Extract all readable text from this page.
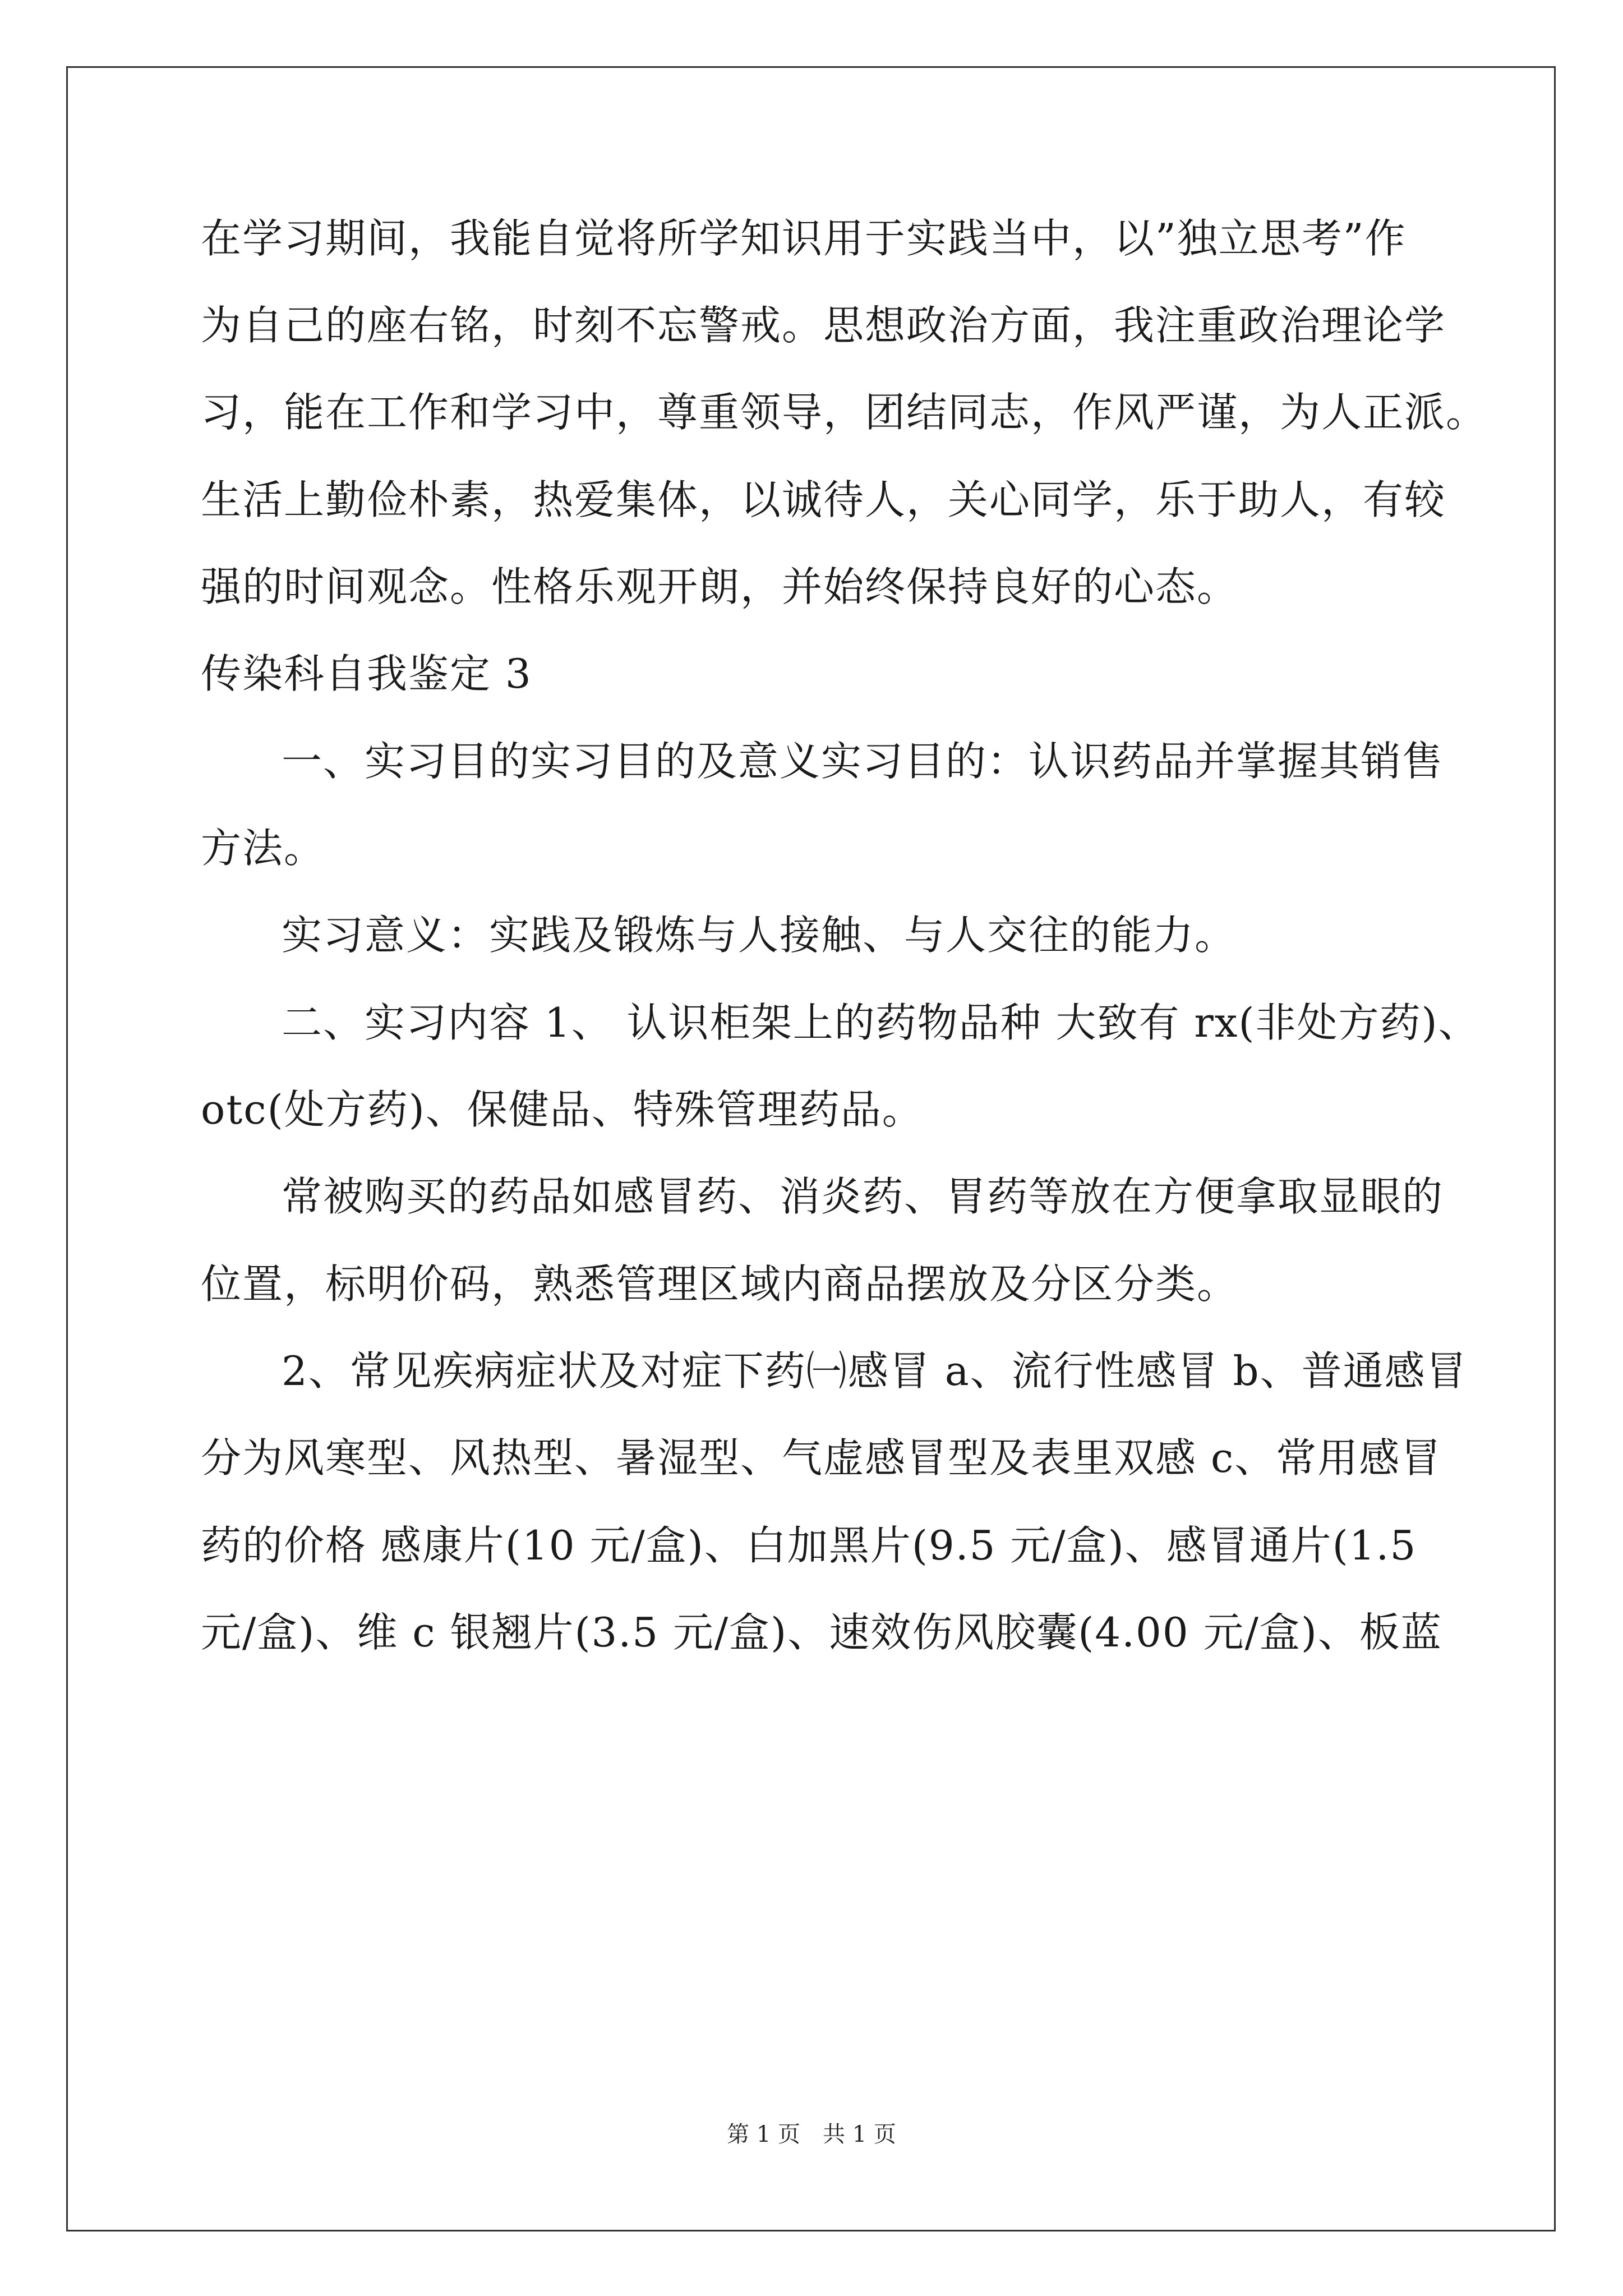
在学习期间，我能自觉将所学知识用于实践当中，以”独立思考”作
为自己的座右铭，时刻不忘警戒。思想政治方面，我注重政治理论学
习，能在工作和学习中，尊重领导，团结同志，作风严谨，为人正派。
生活上勤俭朴素，热爱集体，以诚待人，关心同学，乐于助人，有较
强的时间观念。性格乐观开朗，并始终保持良好的心态。
传染科自我鉴定 3
一、实习目的实习目的及意义实习目的：认识药品并掌握其销售
方法。
实习意义：实践及锻炼与人接触、与人交往的能力。
二、实习内容 1、 认识柜架上的药物品种 大致有 rx(非处方药)、
otc(处方药)、保健品、特殊管理药品。
常被购买的药品如感冒药、消炎药、胃药等放在方便拿取显眼的
位置，标明价码，熟悉管理区域内商品摆放及分区分类。
2、常见疾病症状及对症下药㈠感冒 a、流行性感冒 b、普通感冒
分为风寒型、风热型、暑湿型、气虚感冒型及表里双感 c、常用感冒
药的价格 感康片(10 元/盒)、白加黑片(9.5 元/盒)、感冒通片(1.5
元/盒)、维 c 银翘片(3.5 元/盒)、速效伤风胶囊(4.00 元/盒)、板蓝
第 1 页　共 1 页
